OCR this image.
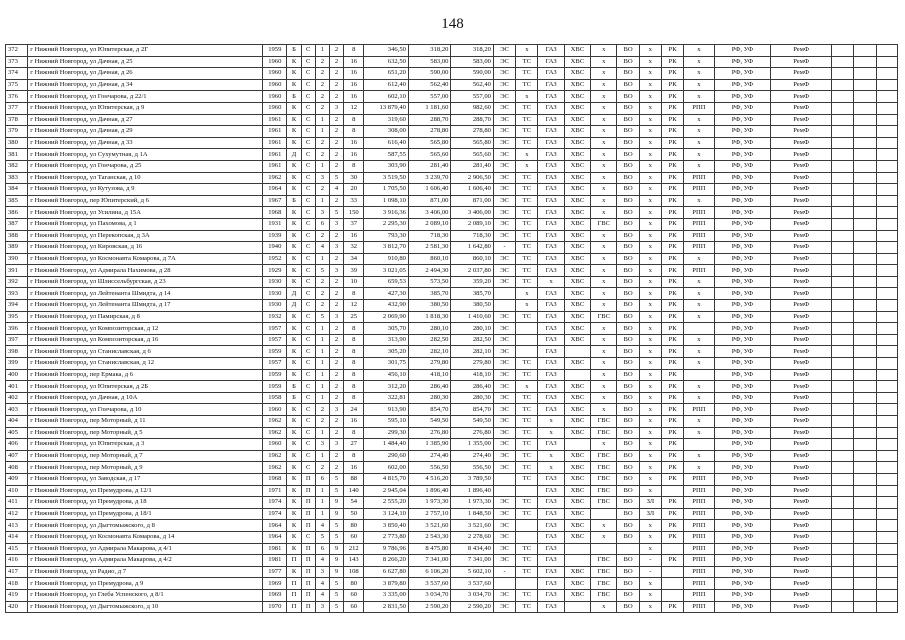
148
372	г Нижний Новгород, ул Юпитерская, д 2Г	1959	Б	С	1	2	8	346,50	318,20	318,20	ЭС	х	ГАЗ	ХВС	х	ВО	х	РК	х	РФ, УФ	РемФ			
373	г Нижний Новгород, ул Дачная, д 25	1960	К	С	2	2	16	632,50	583,00	583,00	ЭС	ТС	ГАЗ	ХВС	х	ВО	х	РК	х	РФ, УФ	РемФ			
374	г Нижний Новгород, ул Дачная, д 26	1960	К	С	2	2	16	651,20	590,00	590,00	ЭС	ТС	ГАЗ	ХВС	х	ВО	х	РК	х	РФ, УФ	РемФ			
375	г Нижний Новгород, ул Дачная, д 34	1960	К	С	2	2	16	612,40	562,40	562,40	ЭС	ТС	ГАЗ	ХВС	х	ВО	х	РК	х	РФ, УФ	РемФ			
376	г Нижний Новгород, ул Гончарова, д 22/1	1960	Б	С	2	2	16	602,10	557,00	557,00	ЭС	х	ГАЗ	ХВС	х	ВО	х	РК	х	РФ, УФ	РемФ			
377	г Нижний Новгород, ул Юпитерская, д 9	1960	К	С	2	3	12	13 879,40	1 181,60	982,60	ЭС	ТС	ГАЗ	ХВС	х	ВО	х	РК	РПП	РФ, УФ	РемФ			
378	г Нижний Новгород, ул Дачная, д 27	1961	К	С	1	2	8	319,60	288,70	288,70	ЭС	ТС	ГАЗ	ХВС	х	ВО	х	РК	х	РФ, УФ	РемФ			
379	г Нижний Новгород, ул Дачная, д 29	1961	К	С	1	2	8	308,00	278,80	278,80	ЭС	ТС	ГАЗ	ХВС	х	ВО	х	РК	х	РФ, УФ	РемФ			
380	г Нижний Новгород, ул Дачная, д 33	1961	К	С	2	2	16	616,40	565,80	565,80	ЭС	ТС	ГАЗ	ХВС	х	ВО	х	РК	х	РФ, УФ	РемФ			
381	г Нижний Новгород, ул Сухумутная, д 1А	1961	Д	С	2	2	16	587,55	565,60	565,60	ЭС	х	ГАЗ	ХВС	х	ВО	х	РК	х	РФ, УФ	РемФ			
382	г Нижний Новгород, ул Гончарова, д 25	1961	К	С	1	2	8	303,90	281,40	281,40	ЭС	х	ГАЗ	ХВС	х	ВО	х	РК	х	РФ, УФ	РемФ			
383	г Нижний Новгород, ул Таганская, д 10	1962	К	С	3	5	30	3 519,50	3 239,70	2 906,50	ЭС	ТС	ГАЗ	ХВС	х	ВО	х	РК	РПП	РФ, УФ	РемФ			
384	г Нижний Новгород, ул Кутузова, д 9	1964	К	С	2	4	20	1 705,50	1 606,40	1 606,40	ЭС	ТС	ГАЗ	ХВС	х	ВО	х	РК	РПП	РФ, УФ	РемФ			
385	г Нижний Новгород, пер Юпитерский, д 6	1967	Б	С	1	2	33	1 098,10	871,00	871,00	ЭС	ТС	ГАЗ	ХВС	х	ВО	х	РК	х	РФ, УФ	РемФ			
386	г Нижний Новгород, ул Усилина, д 15А	1968	К	С	3	5	150	3 916,36	3 406,00	3 406,00	ЭС	ТС	ГАЗ	ХВС	х	ВО	х	РК	РПП	РФ, УФ	РемФ			
387	г Нижний Новгород, ул Пахомова, д 1	1931	К	С	6	3	37	2 295,30	2 089,10	2 089,10	ЭС	ТС	ГАЗ	ХВС	ГВС	ВО	х	РК	РПП	РФ, УФ	РемФ			
388	г Нижний Новгород, ул Перекопская, д 3А	1939	К	С	2	2	16	793,30	718,30	718,30	ЭС	ТС	ГАЗ	ХВС	х	ВО	х	РК	РПП	РФ, УФ	РемФ			
389	г Нижний Новгород, ул Кировская, д 16	1940	К	С	4	3	32	3 812,70	2 581,30	1 642,80	-	ТС	ГАЗ	ХВС	х	ВО	х	РК	РПП	РФ, УФ	РемФ			
390	г Нижний Новгород, ул Космонавта Комарова, д 7А	1952	К	С	1	2	34	910,80	860,10	860,10	ЭС	ТС	ГАЗ	ХВС	х	ВО	х	РК	х	РФ, УФ	РемФ			
391	г Нижний Новгород, ул Адмирала Нахимова, д 28	1929	К	С	5	3	39	3 021,05	2 494,30	2 037,80	ЭС	ТС	ГАЗ	ХВС	х	ВО	х	РК	РПП	РФ, УФ	РемФ			
392	г Нижний Новгород, ул Шлиссельбургская, д 23	1930	К	С	2	2	10	659,53	573,50	359,20	ЭС	ТС	х	ХВС	х	ВО	х	РК	х	РФ, УФ	РемФ			
393	г Нижний Новгород, ул Лейтенанта Шмидта, д 14	1930	Д	С	2	2	8	427,30	385,70	385,70		х	ГАЗ	ХВС	х	ВО	х	РК	х	РФ, УФ	РемФ			
394	г Нижний Новгород, ул Лейтенанта Шмидта, д 17	1930	Д	С	2	2	12	432,90	380,50	380,50		х	ГАЗ	ХВС	х	ВО	х	РК	х	РФ, УФ	РемФ			
395	г Нижний Новгород, ул Памирская, д 8	1932	К	С	5	3	25	2 069,90	1 818,30	1 410,60	ЭС	ТС	ГАЗ	ХВС	ГВС	ВО	х	РК	х	РФ, УФ	РемФ			
396	г Нижний Новгород, ул Композиторская, д 12	1957	К	С	1	2	8	305,70	280,10	280,10	ЭС		ГАЗ	ХВС	х	ВО	х	РК		РФ, УФ	РемФ			
397	г Нижний Новгород, ул Композиторская, д 16	1957	К	С	1	2	8	313,90	282,50	282,50	ЭС		ГАЗ	ХВС	х	ВО	х	РК	х	РФ, УФ	РемФ			
398	г Нижний Новгород, ул Станиславская, д 6	1959	К	С	1	2	8	305,20	282,10	282,10	ЭС		ГАЗ		х	ВО	х	РК	х	РФ, УФ	РемФ			
399	г Нижний Новгород, ул Станиславская, д 12	1957	К	С	1	2	8	301,75	279,80	279,80	ЭС	ТС	ГАЗ	ХВС	х	ВО	х	РК	х	РФ, УФ	РемФ			
400	г Нижний Новгород, пер Ермака, д 6	1959	К	С	1	2	8	456,10	418,10	418,10	ЭС	ТС	ГАЗ		х	ВО	х	РК		РФ, УФ	РемФ			
401	г Нижний Новгород, ул Юпитерская, д 2Б	1959	Б	С	1	2	8	312,20	286,40	286,40	ЭС	х	ГАЗ	ХВС	х	ВО	х	РК	х	РФ, УФ	РемФ			
402	г Нижний Новгород, ул Дачная, д 10А	1958	Б	С	1	2	8	322,81	280,30	280,30	ЭС	ТС	ГАЗ	ХВС	х	ВО	х	РК	х	РФ, УФ	РемФ			
403	г Нижний Новгород, ул Гончарова, д 10	1960	К	С	2	3	24	913,90	854,70	854,70	ЭС	ТС	ГАЗ	ХВС	х	ВО	х	РК	РПП	РФ, УФ	РемФ			
404	г Нижний Новгород, пер Моторный, д 11	1962	К	С	2	2	16	595,10	549,50	549,50	ЭС	ТС	х	ХВС	ГВС	ВО	х	РК	х	РФ, УФ	РемФ			
405	г Нижний Новгород, пер Моторный, д 5	1962	К	С	1	2	8	299,30	276,80	276,80	ЭС	ТС	х	ХВС	ГВС	ВО	х	РК	х	РФ, УФ	РемФ			
406	г Нижний Новгород, ул Юпитерская, д 3	1960	К	С	3	3	27	1 484,40	1 385,90	1 355,00	ЭС	ТС	ГАЗ		х	ВО	х	РК		РФ, УФ	РемФ			
407	г Нижний Новгород, пер Моторный, д 7	1962	К	С	1	2	8	290,60	274,40	274,40	ЭС	ТС	х	ХВС	ГВС	ВО	х	РК	х	РФ, УФ	РемФ			
408	г Нижний Новгород, пер Моторный, д 9	1962	К	С	2	2	16	602,00	556,50	556,50	ЭС	ТС	х	ХВС	ГВС	ВО	х	РК	х	РФ, УФ	РемФ			
409	г Нижний Новгород, ул Заводская, д 17	1968	К	П	6	5	88	4 815,70	4 516,20	3 789,50		ТС	ГАЗ	ХВС	ГВС	ВО	х	РК	РПП	РФ, УФ	РемФ			
410	г Нижний Новгород, ул Премудрова, д 12/1	1971	К	П	1	5	140	2 945,04	1 896,40	1 896,40			ГАЗ	ХВС	ГВС	ВО	х		РПП	РФ, УФ	РемФ			
411	г Нижний Новгород, ул Премудрова, д 18	1974	К	П	1	9	54	2 555,20	1 973,30	1 973,30	ЭС	ТС	ГАЗ	ХВС	ГВС	ВО	ЗЛ	РК	РПП	РФ, УФ	РемФ			
412	г Нижний Новгород, ул Премудрова, д 18/1	1974	К	П	1	9	50	3 124,10	2 757,10	1 848,50	ЭС	ТС	ГАЗ	ХВС		ВО	ЗЛ	РК	РПП	РФ, УФ	РемФ			
413	г Нижний Новгород, ул Дыгтомыжского, д 8	1964	К	П	4	5	80	3 850,40	3 521,60	3 521,60	ЭС		ГАЗ	ХВС	х	ВО	х	РК	РПП	РФ, УФ	РемФ			
414	г Нижний Новгород, ул Космонавта Комарова, д 14	1964	К	С	5	5	60	2 773,80	2 543,30	2 278,60	ЭС		ГАЗ	ХВС	х	ВО	х	РК	РПП	РФ, УФ	РемФ			
415	г Нижний Новгород, ул Адмирала Макарова, д 4/1	1981	К	П	6	9	212	9 786,96	8 475,80	8 434,40	ЭС	ТС	ГАЗ				х		РПП	РФ, УФ	РемФ			
416	г Нижний Новгород, ул Адмирала Макарова, д 4/2	1981	П	П	4	9	143	8 266,20	7 341,00	7 341,00	ЭС	ТС	ГАЗ		ГВС	ВО	-	РК	РПП	РФ, УФ	РемФ			
417	г Нижний Новгород, ул Радио, д 7	1977	К	П	3	9	108	6 627,80	6 106,20	5 602,10	-	ТС	ГАЗ	ХВС	ГВС	ВО	-		РПП	РФ, УФ	РемФ			
418	г Нижний Новгород, ул Премудрова, д 9	1969	П	П	4	5	80	3 879,80	3 537,60	3 537,60			ГАЗ	ХВС	ГВС	ВО	х		РПП	РФ, УФ	РемФ			
419	г Нижний Новгород, ул Глеба Успенского, д 8/1	1969	П	П	4	5	60	3 335,00	3 034,70	3 034,70	ЭС	ТС	ГАЗ	ХВС	ГВС	ВО	х		РПП	РФ, УФ	РемФ			
420	г Нижний Новгород, ул Дыгтомыжского, д 10	1970	П	П	3	5	60	2 831,50	2 590,20	2 590,20	ЭС	ТС	ГАЗ		х	ВО	х	РК	РПП	РФ, УФ	РемФ			
